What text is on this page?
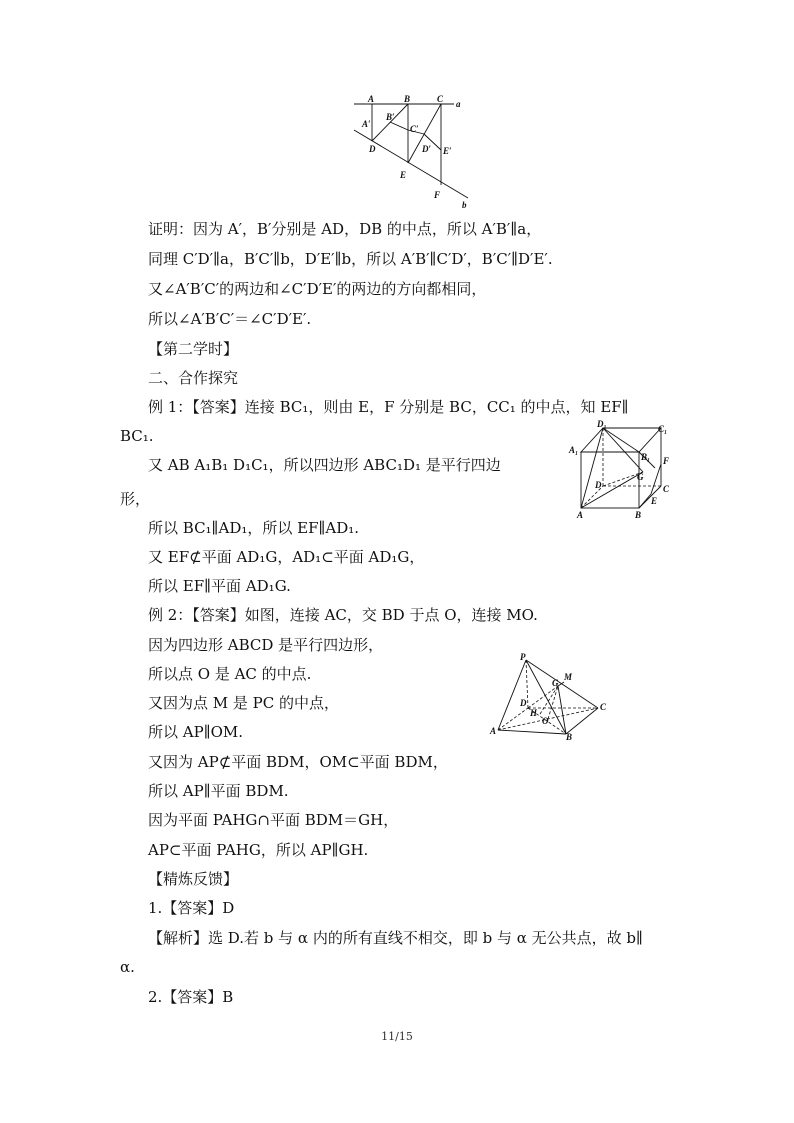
A	B	C a
A′
B′
C′
D	D′ E′
E
F
b
证明：因为 A′，B′分别是 AD，DB 的中点，所以 A′B′∥a，
同理 C′D′∥a，B′C′∥b，D′E′∥b，所以 A′B′∥C′D′，B′C′∥D′E′.
又∠A′B′C′的两边和∠C′D′E′的两边的方向都相同，
所以∠A′B′C′＝∠C′D′E′.
【第二学时】
二、合作探究
例 1：【答案】连接 BC₁，则由 E，F 分别是 BC，CC₁ 的中点，知 EF∥
BC₁.
又 AB A₁B₁ D₁C₁，所以四边形 ABC₁D₁ 是平行四边
形，
所以 BC₁∥AD₁，所以 EF∥AD₁.
又 EF⊄平面 AD₁G，AD₁⊂平面 AD₁G，
所以 EF∥平面 AD₁G.
D₁	C₁
A₁
B₁ F
G
D	C
E
A	B
例 2：【答案】如图，连接 AC，交 BD 于点 O，连接 MO.
因为四边形 ABCD 是平行四边形，
所以点 O 是 AC 的中点.
又因为点 M 是 PC 的中点，
所以 AP∥OM.
又因为 AP⊄平面 BDM，OM⊂平面 BDM，
所以 AP∥平面 BDM.
因为平面 PAHG∩平面 BDM＝GH，
AP⊂平面 PAHG，所以 AP∥GH.
P
G
M
D
H
C
O
A
B
【精炼反馈】
1.【答案】D
【解析】选 D.若 b 与 α 内的所有直线不相交，即 b 与 α 无公共点，故 b∥
α.
2.【答案】B
11/15
